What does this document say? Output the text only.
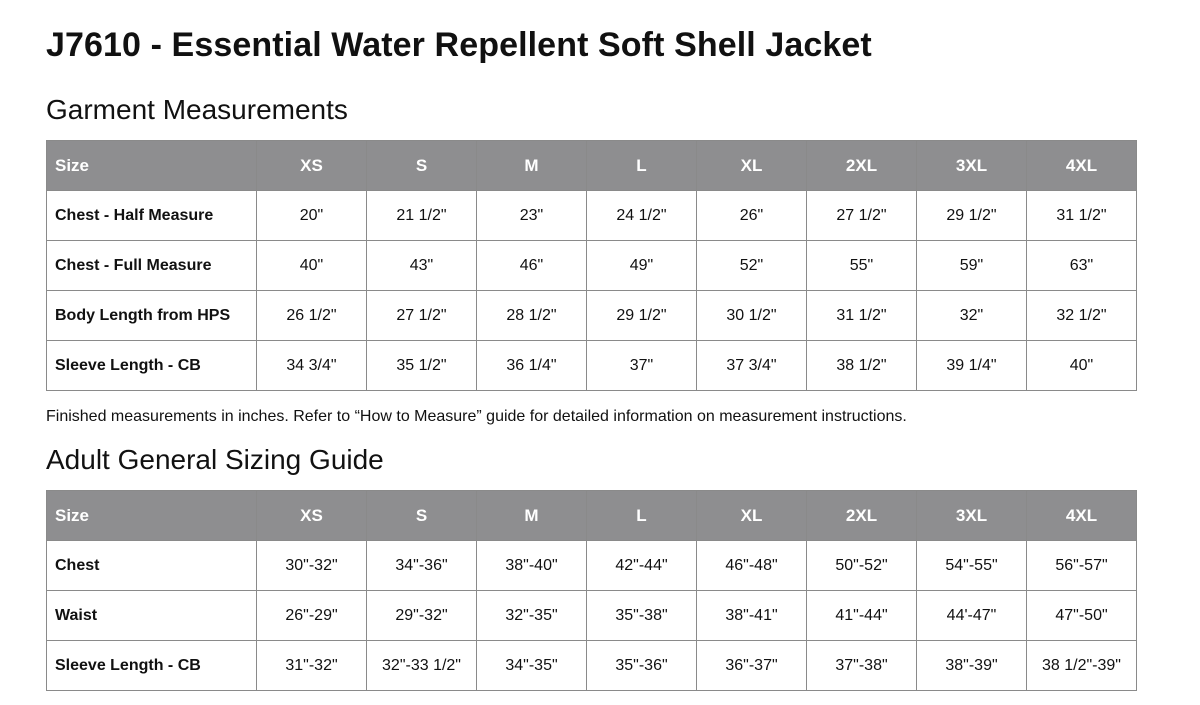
J7610 - Essential Water Repellent Soft Shell Jacket
Garment Measurements
Size	XS	S	M	L	XL	2XL	3XL	4XL
Chest - Half Measure	20"	21 1/2"	23"	24 1/2"	26"	27 1/2"	29 1/2"	31 1/2"
Chest - Full Measure	40"	43"	46"	49"	52"	55"	59"	63"
Body Length from HPS	26 1/2"	27 1/2"	28 1/2"	29 1/2"	30 1/2"	31 1/2"	32"	32 1/2"
Sleeve Length - CB	34 3/4"	35 1/2"	36 1/4"	37"	37 3/4"	38 1/2"	39 1/4"	40"

Finished measurements in inches. Refer to “How to Measure” guide for detailed information on measurement instructions.

Adult General Sizing Guide
Size	XS	S	M	L	XL	2XL	3XL	4XL
Chest	30"-32"	34"-36"	38"-40"	42"-44"	46"-48"	50"-52"	54"-55"	56"-57"
Waist	26"-29"	29"-32"	32"-35"	35"-38"	38"-41"	41"-44"	44'-47"	47"-50"
Sleeve Length - CB	31"-32"	32"-33 1/2"	34"-35"	35"-36"	36"-37"	37"-38"	38"-39"	38 1/2"-39"
